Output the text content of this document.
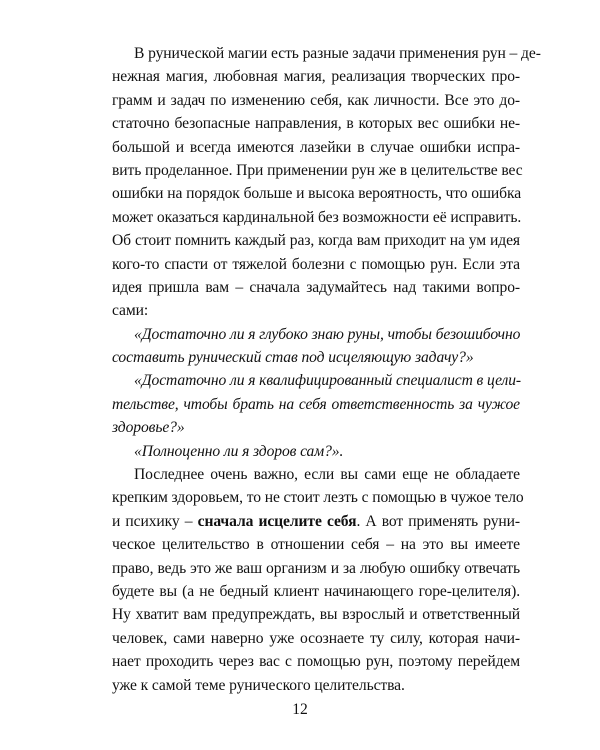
В рунической магии есть разные задачи применения рун – де-
нежная магия, любовная магия, реализация творческих про-
грамм и задач по изменению себя, как личности. Все это до-
статочно безопасные направления, в которых вес ошибки не-
большой и всегда имеются лазейки в случае ошибки испра-
вить проделанное. При применении рун же в целительстве вес
ошибки на порядок больше и высока вероятность, что ошибка
может оказаться кардинальной без возможности её исправить.
Об стоит помнить каждый раз, когда вам приходит на ум идея
кого-то спасти от тяжелой болезни с помощью рун. Если эта
идея пришла вам – сначала задумайтесь над такими вопро-
сами:
«Достаточно ли я глубоко знаю руны, чтобы безошибочно
составить рунический став под исцеляющую задачу?»
«Достаточно ли я квалифицированный специалист в цели-
тельстве, чтобы брать на себя ответственность за чужое
здоровье?»
«Полноценно ли я здоров сам?».
Последнее очень важно, если вы сами еще не обладаете
крепким здоровьем, то не стоит лезть с помощью в чужое тело
и психику – сначала исцелите себя. А вот применять руни-
ческое целительство в отношении себя – на это вы имеете
право, ведь это же ваш организм и за любую ошибку отвечать
будете вы (а не бедный клиент начинающего горе-целителя).
Ну хватит вам предупреждать, вы взрослый и ответственный
человек, сами наверно уже осознаете ту силу, которая начи-
нает проходить через вас с помощью рун, поэтому перейдем
уже к самой теме рунического целительства.
12
